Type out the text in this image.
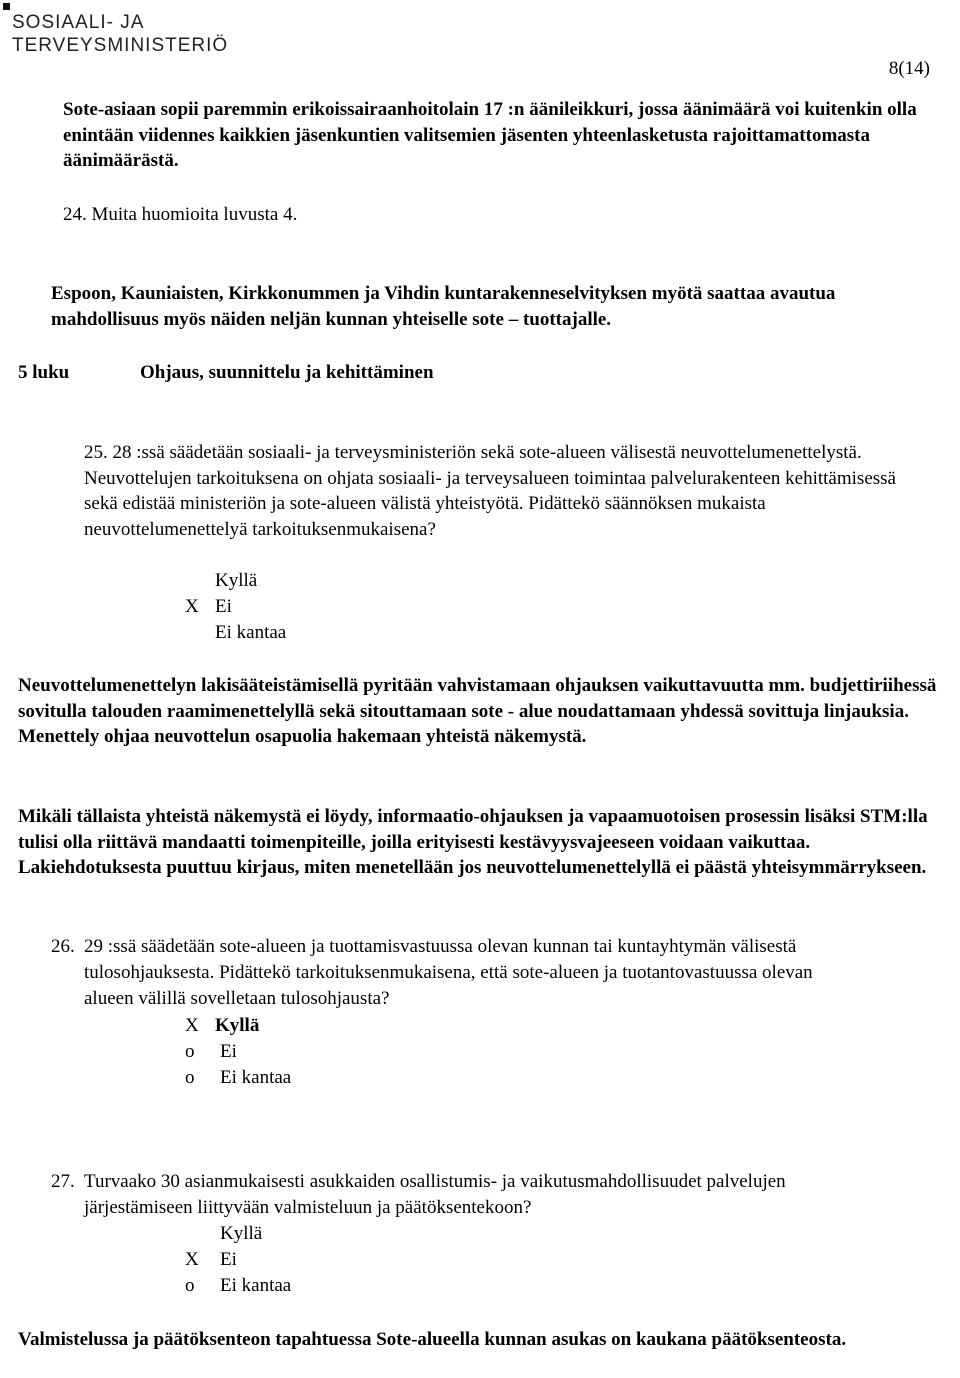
SOSIAALI- JA
TERVEYSMINISTERIÖ
8(14)
Sote-asiaan sopii paremmin erikoissairaanhoitolain 17 :n äänileikkuri, jossa äänimäärä voi kuitenkin olla enintään viidennes kaikkien jäsenkuntien valitsemien jäsenten yhteenlasketusta rajoittamattomasta äänimäärästä.
24. Muita huomioita luvusta 4.
Espoon, Kauniaisten, Kirkkonummen ja Vihdin kuntarakenneselvityksen myötä saattaa avautua mahdollisuus myös näiden neljän kunnan yhteiselle sote – tuottajalle.
5 luku	Ohjaus, suunnittelu ja kehittäminen
25. 28 :ssä säädetään sosiaali- ja terveysministeriön sekä sote-alueen välisestä neuvottelumenettelystä. Neuvottelujen tarkoituksena on ohjata sosiaali- ja terveysalueen toimintaa palvelurakenteen kehittämisessä sekä edistää ministeriön ja sote-alueen välistä yhteistyötä. Pidättekö säännöksen mukaista neuvottelumenettelyä tarkoituksenmukaisena?
Kyllä
X Ei
Ei kantaa
Neuvottelumenettelyn lakisääteistämisellä pyritään vahvistamaan ohjauksen vaikuttavuutta mm. budjettiriihessä sovitulla talouden raamimenettelyllä sekä sitouttamaan sote - alue noudattamaan yhdessä sovittuja linjauksia. Menettely ohjaa neuvottelun osapuolia hakemaan yhteistä näkemystä.
Mikäli tällaista yhteistä näkemystä ei löydy, informaatio-ohjauksen ja vapaamuotoisen prosessin lisäksi STM:lla tulisi olla riittävä mandaatti toimenpiteille, joilla erityisesti kestävyysvajeeseen voidaan vaikuttaa. Lakiehdotuksesta puuttuu kirjaus, miten menetellään jos neuvottelumenettelyllä ei päästä yhteisymmärrykseen.
26. 29 :ssä säädetään sote-alueen ja tuottamisvastuussa olevan kunnan tai kuntayhtymän välisestä
tulosohjauksesta. Pidättekö tarkoituksenmukaisena, että sote-alueen ja tuotantovastuussa olevan
alueen välillä sovelletaan tulosohjausta?
X Kyllä
o Ei
o Ei kantaa
27. Turvaako 30 asianmukaisesti asukkaiden osallistumis- ja vaikutusmahdollisuudet palvelujen
järjestämiseen liittyvään valmisteluun ja päätöksentekoon?
Kyllä
X Ei
o Ei kantaa
Valmistelussa ja päätöksenteon tapahtuessa Sote-alueella kunnan asukas on kaukana päätöksenteosta.
